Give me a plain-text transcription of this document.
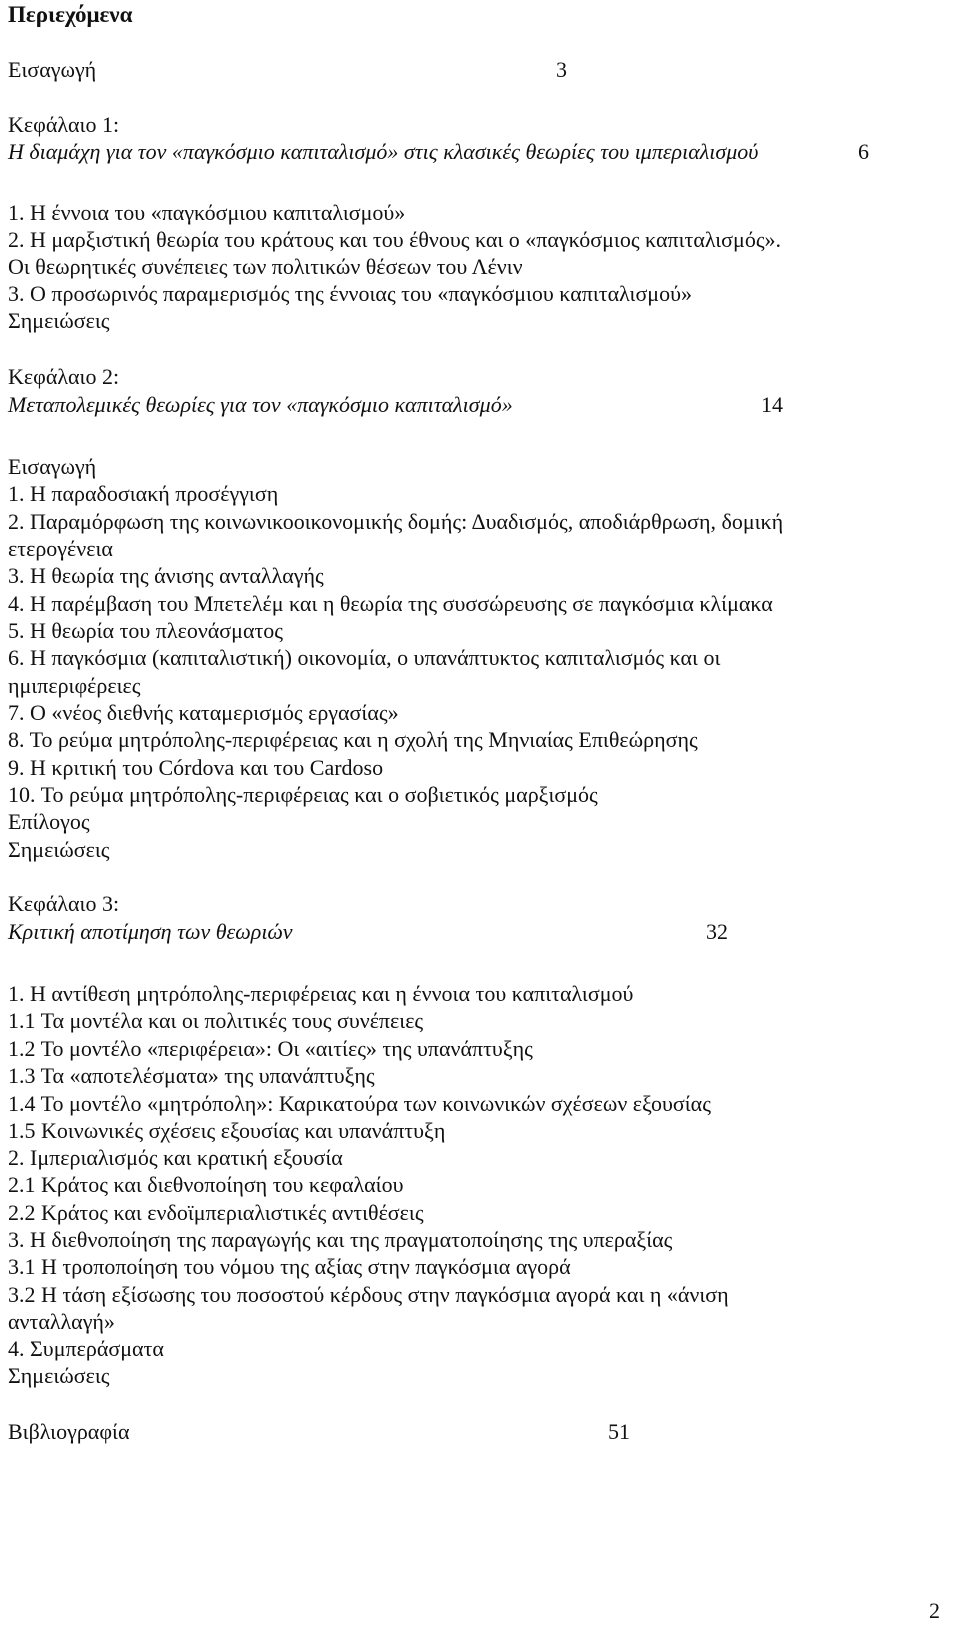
Περιεχόμενα
Εισαγωγή	3
Κεφάλαιο 1:
Η διαμάχη για τον «παγκόσμιο καπιταλισμό» στις κλασικές θεωρίες του ιμπεριαλισμού	6
1. Η έννοια του «παγκόσμιου καπιταλισμού»
2. Η μαρξιστική θεωρία του κράτους και του έθνους και ο «παγκόσμιος καπιταλισμός».
Οι θεωρητικές συνέπειες των πολιτικών θέσεων του Λένιν
3. Ο προσωρινός παραμερισμός της έννοιας του «παγκόσμιου καπιταλισμού»
Σημειώσεις
Κεφάλαιο 2:
Μεταπολεμικές θεωρίες για τον «παγκόσμιο καπιταλισμό»	14
Εισαγωγή
1. Η παραδοσιακή προσέγγιση
2. Παραμόρφωση της κοινωνικοοικονομικής δομής: Δυαδισμός, αποδιάρθρωση, δομική
ετερογένεια
3. Η θεωρία της άνισης ανταλλαγής
4. Η παρέμβαση του Μπετελέμ και η θεωρία της συσσώρευσης σε παγκόσμια κλίμακα
5. Η θεωρία του πλεονάσματος
6. Η παγκόσμια (καπιταλιστική) οικονομία, ο υπανάπτυκτος καπιταλισμός και οι
ημιπεριφέρειες
7. Ο «νέος διεθνής καταμερισμός εργασίας»
8. Το ρεύμα μητρόπολης-περιφέρειας και η σχολή της Μηνιαίας Επιθεώρησης
9. Η κριτική του Córdova και του Cardoso
10. Το ρεύμα μητρόπολης-περιφέρειας και ο σοβιετικός μαρξισμός
Επίλογος
Σημειώσεις
Κεφάλαιο 3:
Κριτική αποτίμηση των θεωριών	32
1. Η αντίθεση μητρόπολης-περιφέρειας και η έννοια του καπιταλισμού
1.1 Τα μοντέλα και οι πολιτικές τους συνέπειες
1.2 Το μοντέλο «περιφέρεια»: Οι «αιτίες» της υπανάπτυξης
1.3 Τα «αποτελέσματα» της υπανάπτυξης
1.4 Το μοντέλο «μητρόπολη»: Καρικατούρα των κοινωνικών σχέσεων εξουσίας
1.5 Κοινωνικές σχέσεις εξουσίας και υπανάπτυξη
2. Ιμπεριαλισμός και κρατική εξουσία
2.1 Κράτος και διεθνοποίηση του κεφαλαίου
2.2 Κράτος και ενδοϊμπεριαλιστικές αντιθέσεις
3. Η διεθνοποίηση της παραγωγής και της πραγματοποίησης της υπεραξίας
3.1 Η τροποποίηση του νόμου της αξίας στην παγκόσμια αγορά
3.2 Η τάση εξίσωσης του ποσοστού κέρδους στην παγκόσμια αγορά και η «άνιση
ανταλλαγή»
4. Συμπεράσματα
Σημειώσεις
Βιβλιογραφία	51
2
